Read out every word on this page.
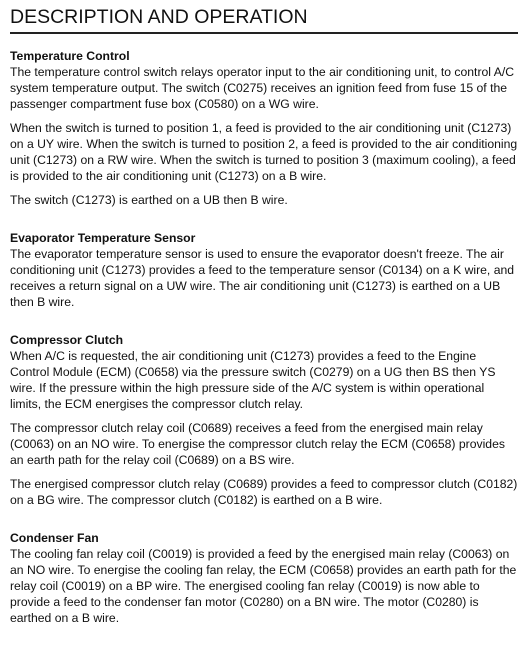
DESCRIPTION AND OPERATION
Temperature Control

The temperature control switch relays operator input to the air conditioning unit, to control A/C system temperature output. The switch (C0275) receives an ignition feed from fuse 15 of the passenger compartment fuse box (C0580) on a WG wire.

When the switch is turned to position 1, a feed is provided to the air conditioning unit (C1273) on a UY wire. When the switch is turned to position 2, a feed is provided to the air conditioning unit (C1273) on a RW wire. When the switch is turned to position 3 (maximum cooling), a feed is provided to the air conditioning unit (C1273) on a B wire.

The switch (C1273) is earthed on a UB then B wire.

Evaporator Temperature Sensor

The evaporator temperature sensor is used to ensure the evaporator doesn't freeze. The air conditioning unit (C1273) provides a feed to the temperature sensor (C0134) on a K wire, and receives a return signal on a UW wire. The air conditioning unit (C1273) is earthed on a UB then B wire.

Compressor Clutch

When A/C is requested, the air conditioning unit (C1273) provides a feed to the Engine Control Module (ECM) (C0658) via the pressure switch (C0279) on a UG then BS then YS wire. If the pressure within the high pressure side of the A/C system is within operational limits, the ECM energises the compressor clutch relay.

The compressor clutch relay coil (C0689) receives a feed from the energised main relay (C0063) on an NO wire. To energise the compressor clutch relay the ECM (C0658) provides an earth path for the relay coil (C0689) on a BS wire.

The energised compressor clutch relay (C0689) provides a feed to compressor clutch (C0182) on a BG wire. The compressor clutch (C0182) is earthed on a B wire.

Condenser Fan

The cooling fan relay coil (C0019) is provided a feed by the energised main relay (C0063) on an NO wire. To energise the cooling fan relay, the ECM (C0658) provides an earth path for the relay coil (C0019) on a BP wire. The energised cooling fan relay (C0019) is now able to provide a feed to the condenser fan motor (C0280) on a BN wire. The motor (C0280) is earthed on a B wire.
